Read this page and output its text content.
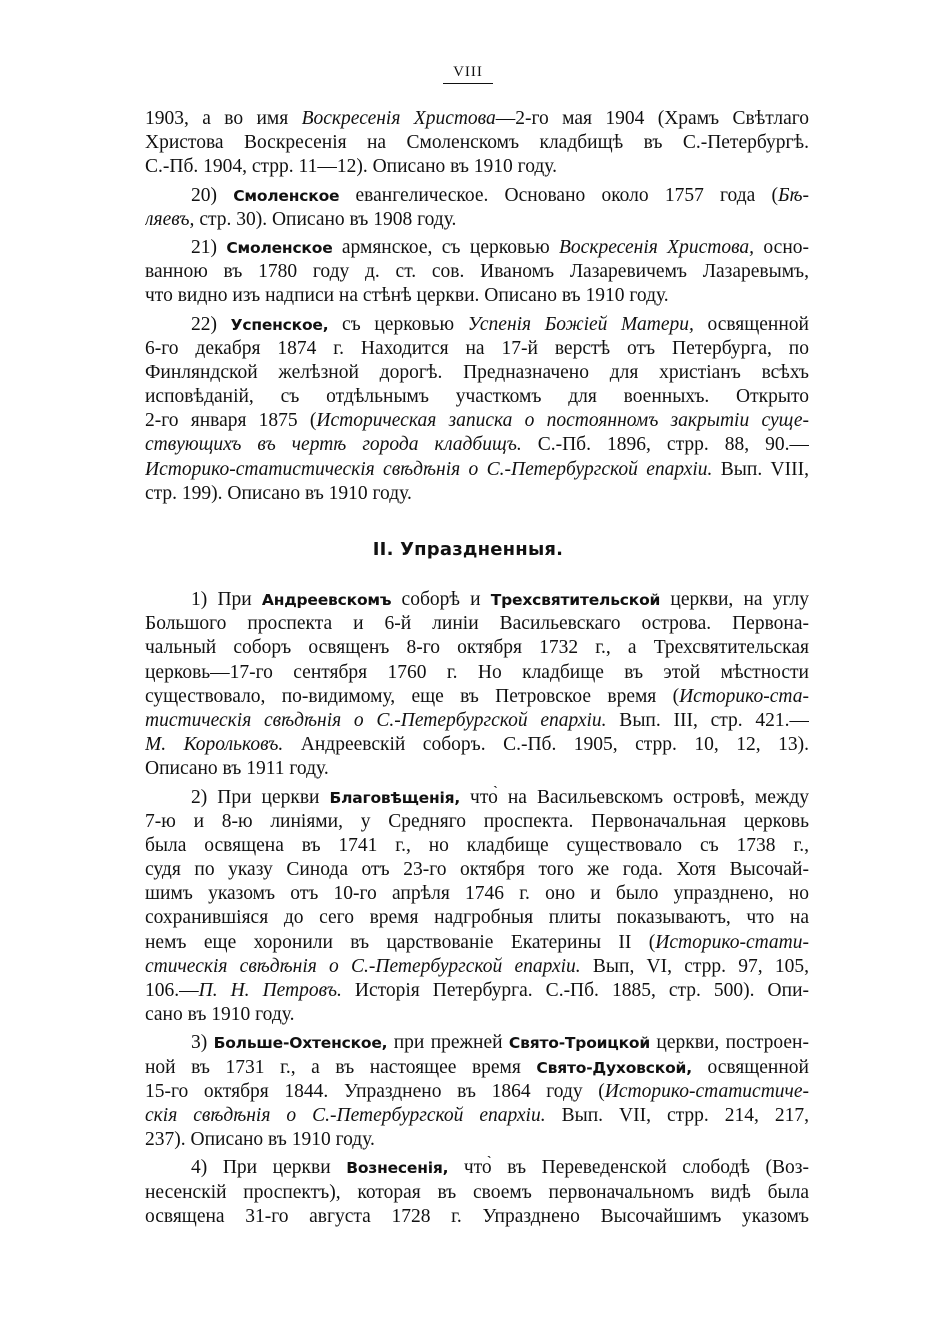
VIII
1903, а во имя Воскресенія Христова—2-го мая 1904 (Храмъ Свѣтлаго
Христова Воскресенія на Смоленскомъ кладбищѣ въ С.-Петербургѣ.
С.-Пб. 1904, стрр. 11—12). Описано въ 1910 году.
20) Смоленское евангелическое. Основано около 1757 года (Бѣ-
ляевъ, стр. 30). Описано въ 1908 году.
21) Смоленское армянское, съ церковью Воскресенія Христова, осно-
ванною въ 1780 году д. ст. сов. Иваномъ Лазаревичемъ Лазаревымъ,
что видно изъ надписи на стѣнѣ церкви. Описано въ 1910 году.
22) Успенское, съ церковью Успенія Божіей Матери, освященной
6-го декабря 1874 г. Находится на 17-й верстѣ отъ Петербурга, по
Финляндской желѣзной дорогѣ. Предназначено для христіанъ всѣхъ
исповѣданій, съ отдѣльнымъ участкомъ для военныхъ. Открыто
2-го января 1875 (Историческая записка о постоянномъ закрытіи суще-
ствующихъ въ чертѣ города кладбищъ. С.-Пб. 1896, стрр. 88, 90.—
Историко-статистическія свѣдѣнія о С.-Петербургской епархіи. Вып. VIII,
стр. 199). Описано въ 1910 году.
II. Упраздненныя.
1) При Андреевскомъ соборѣ и Трехсвятительской церкви, на углу
Большого проспекта и 6-й линіи Васильевскаго острова. Первона-
чальный соборъ освященъ 8-го октября 1732 г., а Трехсвятительская
церковь—17-го сентября 1760 г. Но кладбище въ этой мѣстности
существовало, по-видимому, еще въ Петровское время (Историко-ста-
тистическія свѣдѣнія о С.-Петербургской епархіи. Вып. III, стр. 421.—
М. Корольковъ. Андреевскій соборъ. С.-Пб. 1905, стрр. 10, 12, 13).
Описано въ 1911 году.
2) При церкви Благовѣщенія, что̀ на Васильевскомъ островѣ, между
7-ю и 8-ю линіями, у Средняго проспекта. Первоначальная церковь
была освящена въ 1741 г., но кладбище существовало съ 1738 г.,
судя по указу Синода отъ 23-го октября того же года. Хотя Высочай-
шимъ указомъ отъ 10-го апрѣля 1746 г. оно и было упразднено, но
сохранившіяся до сего время надгробныя плиты показываютъ, что на
немъ еще хоронили въ царствованіе Екатерины II (Историко-стати-
стическія свѣдѣнія о С.-Петербургской епархіи. Вып, VI, стрр. 97, 105,
106.—П. Н. Петровъ. Исторія Петербурга. С.-Пб. 1885, стр. 500). Опи-
сано въ 1910 году.
3) Больше-Охтенское, при прежней Свято-Троицкой церкви, построен-
ной въ 1731 г., а въ настоящее время Свято-Духовской, освященной
15-го октября 1844. Упразднено въ 1864 году (Историко-статистиче-
скія свѣдѣнія о С.-Петербургской епархіи. Вып. VII, стрр. 214, 217,
237). Описано въ 1910 году.
4) При церкви Вознесенія, что̀ въ Переведенской слободѣ (Воз-
несенскій проспектъ), которая въ своемъ первоначальномъ видѣ была
освящена 31-го августа 1728 г. Упразднено Высочайшимъ указомъ
